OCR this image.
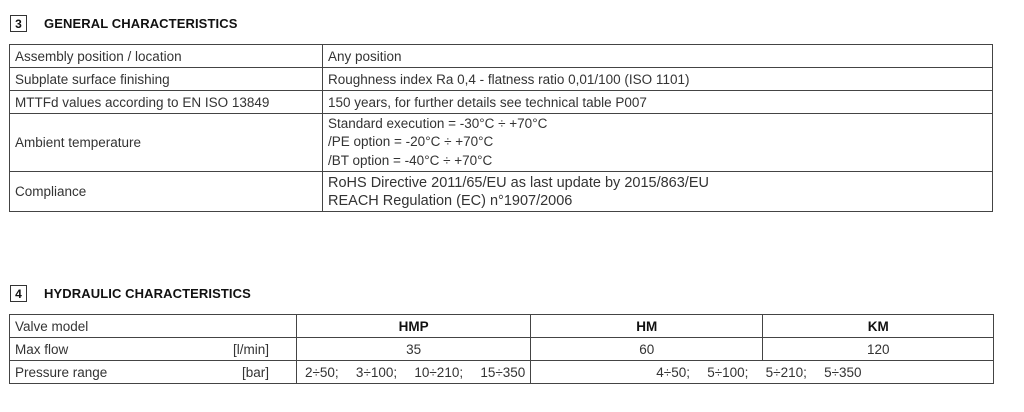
3	GENERAL CHARACTERISTICS
Assembly position / location	Any position
Subplate surface finishing	Roughness index Ra 0,4 - flatness ratio 0,01/100 (ISO 1101)
MTTFd values according to EN ISO 13849	150 years, for further details see technical table P007
Ambient temperature	Standard execution = -30°C ÷ +70°C
/PE option = -20°C ÷ +70°C
/BT option = -40°C ÷ +70°C

Compliance	RoHS Directive 2011/65/EU as last update by 2015/863/EU
REACH Regulation (EC) n°1907/2006
4	HYDRAULIC CHARACTERISTICS
Valve model	HMP	HM	KM

Max flow [l/min]	35	60	120

Pressure range [bar]	2÷50;   3÷100;   10÷210;   15÷350	4÷50;   5÷100;   5÷210;   5÷350	
